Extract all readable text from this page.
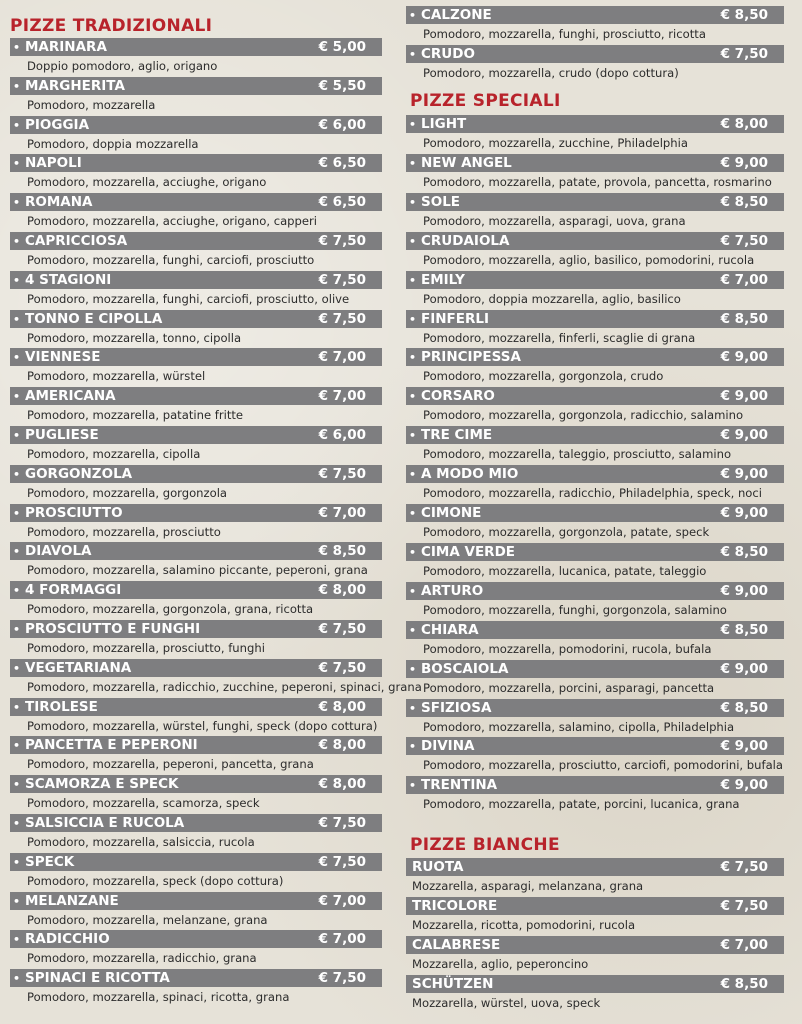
PIZZE TRADIZIONALI
• MARINARA	€ 5,00
Doppio pomodoro, aglio, origano
• MARGHERITA	€ 5,50
Pomodoro, mozzarella
• PIOGGIA	€ 6,00
Pomodoro, doppia mozzarella
• NAPOLI	€ 6,50
Pomodoro, mozzarella, acciughe, origano
• ROMANA	€ 6,50
Pomodoro, mozzarella, acciughe, origano, capperi
• CAPRICCIOSA	€ 7,50
Pomodoro, mozzarella, funghi, carciofi, prosciutto
• 4 STAGIONI	€ 7,50
Pomodoro, mozzarella, funghi, carciofi, prosciutto, olive
• TONNO E CIPOLLA	€ 7,50
Pomodoro, mozzarella, tonno, cipolla
• VIENNESE	€ 7,00
Pomodoro, mozzarella, würstel
• AMERICANA	€ 7,00
Pomodoro, mozzarella, patatine fritte
• PUGLIESE	€ 6,00
Pomodoro, mozzarella, cipolla
• GORGONZOLA	€ 7,50
Pomodoro, mozzarella, gorgonzola
• PROSCIUTTO	€ 7,00
Pomodoro, mozzarella, prosciutto
• DIAVOLA	€ 8,50
Pomodoro, mozzarella, salamino piccante, peperoni, grana
• 4 FORMAGGI	€ 8,00
Pomodoro, mozzarella, gorgonzola, grana, ricotta
• PROSCIUTTO E FUNGHI	€ 7,50
Pomodoro, mozzarella, prosciutto, funghi
• VEGETARIANA	€ 7,50
Pomodoro, mozzarella, radicchio, zucchine, peperoni, spinaci, grana
• TIROLESE	€ 8,00
Pomodoro, mozzarella, würstel, funghi, speck (dopo cottura)
• PANCETTA E PEPERONI	€ 8,00
Pomodoro, mozzarella, peperoni, pancetta, grana
• SCAMORZA E SPECK	€ 8,00
Pomodoro, mozzarella, scamorza, speck
• SALSICCIA E RUCOLA	€ 7,50
Pomodoro, mozzarella, salsiccia, rucola
• SPECK	€ 7,50
Pomodoro, mozzarella, speck (dopo cottura)
• MELANZANE	€ 7,00
Pomodoro, mozzarella, melanzane, grana
• RADICCHIO	€ 7,00
Pomodoro, mozzarella, radicchio, grana
• SPINACI E RICOTTA	€ 7,50
Pomodoro, mozzarella, spinaci, ricotta, grana
• CALZONE	€ 8,50
Pomodoro, mozzarella, funghi, prosciutto, ricotta
• CRUDO	€ 7,50
Pomodoro, mozzarella, crudo (dopo cottura)
PIZZE SPECIALI
• LIGHT	€ 8,00
Pomodoro, mozzarella, zucchine, Philadelphia
• NEW ANGEL	€ 9,00
Pomodoro, mozzarella, patate, provola, pancetta, rosmarino
• SOLE	€ 8,50
Pomodoro, mozzarella, asparagi, uova, grana
• CRUDAIOLA	€ 7,50
Pomodoro, mozzarella, aglio, basilico, pomodorini, rucola
• EMILY	€ 7,00
Pomodoro, doppia mozzarella, aglio, basilico
• FINFERLI	€ 8,50
Pomodoro, mozzarella, finferli, scaglie di grana
• PRINCIPESSA	€ 9,00
Pomodoro, mozzarella, gorgonzola, crudo
• CORSARO	€ 9,00
Pomodoro, mozzarella, gorgonzola, radicchio, salamino
• TRE CIME	€ 9,00
Pomodoro, mozzarella, taleggio, prosciutto, salamino
• A MODO MIO	€ 9,00
Pomodoro, mozzarella, radicchio, Philadelphia, speck, noci
• CIMONE	€ 9,00
Pomodoro, mozzarella, gorgonzola, patate, speck
• CIMA VERDE	€ 8,50
Pomodoro, mozzarella, lucanica, patate, taleggio
• ARTURO	€ 9,00
Pomodoro, mozzarella, funghi, gorgonzola, salamino
• CHIARA	€ 8,50
Pomodoro, mozzarella, pomodorini, rucola, bufala
• BOSCAIOLA	€ 9,00
Pomodoro, mozzarella, porcini, asparagi, pancetta
• SFIZIOSA	€ 8,50
Pomodoro, mozzarella, salamino, cipolla, Philadelphia
• DIVINA	€ 9,00
Pomodoro, mozzarella, prosciutto, carciofi, pomodorini, bufala
• TRENTINA	€ 9,00
Pomodoro, mozzarella, patate, porcini, lucanica, grana
PIZZE BIANCHE
RUOTA	€ 7,50
Mozzarella, asparagi, melanzana, grana
TRICOLORE	€ 7,50
Mozzarella, ricotta, pomodorini, rucola
CALABRESE	€ 7,00
Mozzarella, aglio, peperoncino
SCHÜTZEN	€ 8,50
Mozzarella, würstel, uova, speck
